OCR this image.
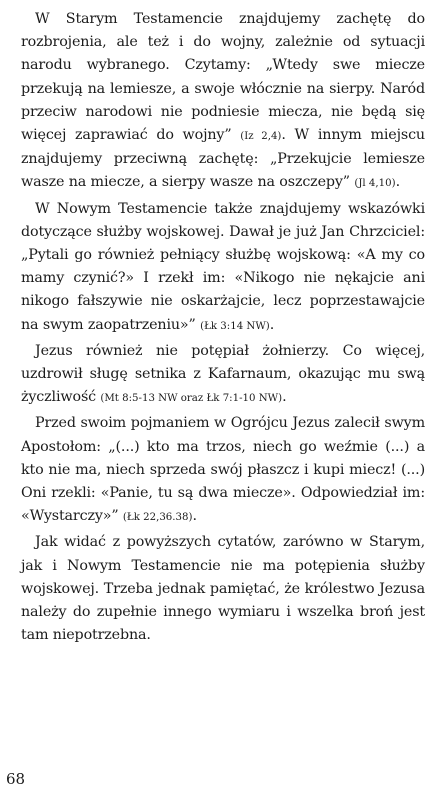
W Starym Testamencie znajdujemy zachętę do rozbrojenia, ale też i do wojny, zależnie od sytuacji narodu wybranego. Czytamy: „Wtedy swe miecze przekują na lemiesze, a swoje włócznie na sierpy. Naród przeciw narodowi nie podniesie miecza, nie będą się więcej zaprawiać do wojny” (Iz 2,4). W innym miejscu znajdujemy przeciwną zachętę: „Przekujcie lemiesze wasze na miecze, a sierpy wasze na oszczepy” (Jl 4,10).

W Nowym Testamencie także znajdujemy wskazówki dotyczące służby wojskowej. Dawał je już Jan Chrzciciel: „Pytali go również pełniący służbę wojskową: «A my co mamy czynić?» I rzekł im: «Nikogo nie nękajcie ani nikogo fałszywie nie oskarżajcie, lecz poprzestawajcie na swym zaopatrzeniu»” (Łk 3:14 NW).

Jezus również nie potępiał żołnierzy. Co więcej, uzdrowił sługę setnika z Kafarnaum, okazując mu swą życzliwość (Mt 8:5-13 NW oraz Łk 7:1-10 NW).

Przed swoim pojmaniem w Ogrójcu Jezus zalecił swym Apostołom: „(...) kto ma trzos, niech go weźmie (...) a kto nie ma, niech sprzeda swój płaszcz i kupi miecz! (...) Oni rzekli: «Panie, tu są dwa miecze». Odpowiedział im: «Wystarczy»” (Łk 22,36.38).

Jak widać z powyższych cytatów, zarówno w Starym, jak i Nowym Testamencie nie ma potępienia służby wojskowej. Trzeba jednak pamiętać, że królestwo Jezusa należy do zupełnie innego wymiaru i wszelka broń jest tam niepotrzebna.

68
